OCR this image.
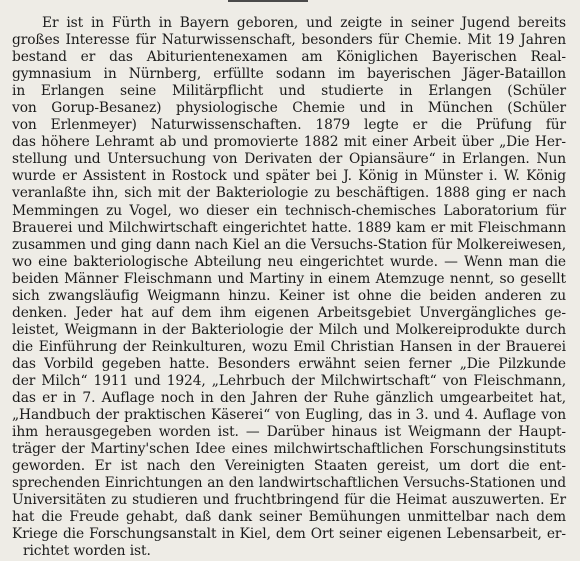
Er ist in Fürth in Bayern geboren, und zeigte in seiner Jugend bereits
großes Interesse für Naturwissenschaft, besonders für Chemie. Mit 19 Jahren
bestand er das Abiturientenexamen am Königlichen Bayerischen Real-
gymnasium in Nürnberg, erfüllte sodann im bayerischen Jäger-Bataillon
in Erlangen seine Militärpflicht und studierte in Erlangen (Schüler
von Gorup-Besanez) physiologische Chemie und in München (Schüler
von Erlenmeyer) Naturwissenschaften. 1879 legte er die Prüfung für
das höhere Lehramt ab und promovierte 1882 mit einer Arbeit über „Die Her-
stellung und Untersuchung von Derivaten der Opiansäure“ in Erlangen. Nun
wurde er Assistent in Rostock und später bei J. König in Münster i. W. König
veranlaßte ihn, sich mit der Bakteriologie zu beschäftigen. 1888 ging er nach
Memmingen zu Vogel, wo dieser ein technisch-chemisches Laboratorium für
Brauerei und Milchwirtschaft eingerichtet hatte. 1889 kam er mit Fleischmann
zusammen und ging dann nach Kiel an die Versuchs-Station für Molkereiwesen,
wo eine bakteriologische Abteilung neu eingerichtet wurde. — Wenn man die
beiden Männer Fleischmann und Martiny in einem Atemzuge nennt, so gesellt
sich zwangsläufig Weigmann hinzu. Keiner ist ohne die beiden anderen zu
denken. Jeder hat auf dem ihm eigenen Arbeitsgebiet Unvergängliches ge-
leistet, Weigmann in der Bakteriologie der Milch und Molkereiprodukte durch
die Einführung der Reinkulturen, wozu Emil Christian Hansen in der Brauerei
das Vorbild gegeben hatte. Besonders erwähnt seien ferner „Die Pilzkunde
der Milch“ 1911 und 1924, „Lehrbuch der Milchwirtschaft“ von Fleischmann,
das er in 7. Auflage noch in den Jahren der Ruhe gänzlich umgearbeitet hat,
„Handbuch der praktischen Käserei“ von Eugling, das in 3. und 4. Auflage von
ihm herausgegeben worden ist. — Darüber hinaus ist Weigmann der Haupt-
träger der Martiny'schen Idee eines milchwirtschaftlichen Forschungsinstituts
geworden. Er ist nach den Vereinigten Staaten gereist, um dort die ent-
sprechenden Einrichtungen an den landwirtschaftlichen Versuchs-Stationen und
Universitäten zu studieren und fruchtbringend für die Heimat auszuwerten. Er
hat die Freude gehabt, daß dank seiner Bemühungen unmittelbar nach dem
Kriege die Forschungsanstalt in Kiel, dem Ort seiner eigenen Lebensarbeit, er-
richtet worden ist.
